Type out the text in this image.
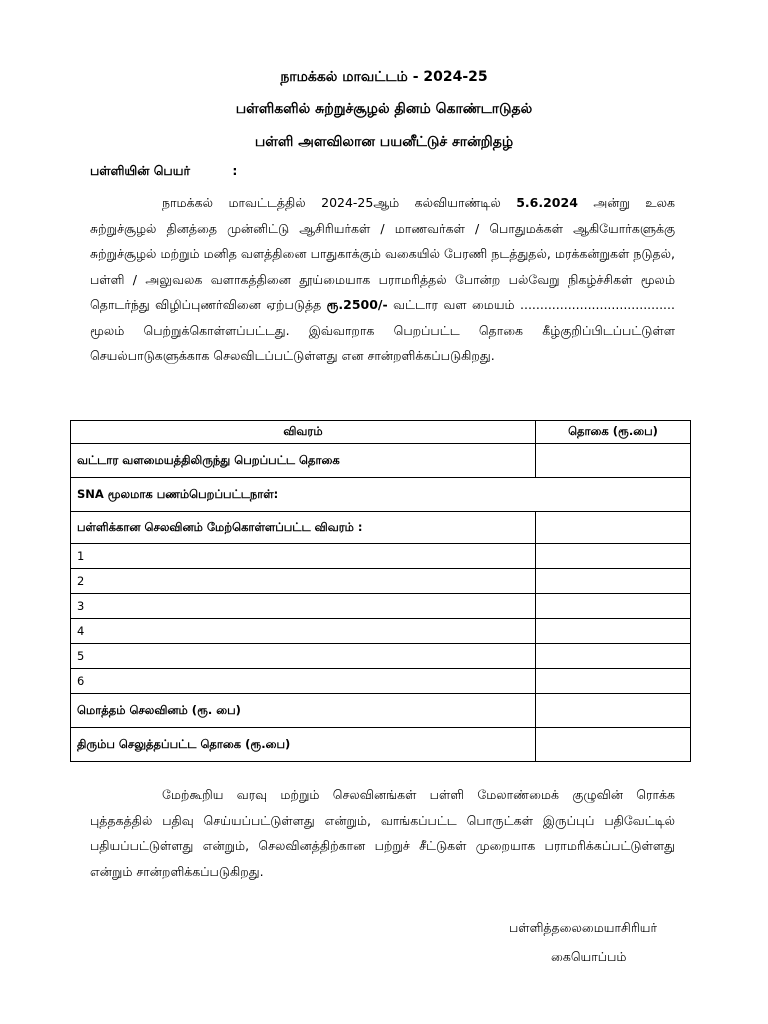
நாமக்கல் மாவட்டம் - 2024-25
பள்ளிகளில் சுற்றுச்சூழல் தினம் கொண்டாடுதல்
பள்ளி அளவிலான பயனீட்டுச் சான்றிதழ்
பள்ளியின் பெயர்	:
நாமக்கல் மாவட்டத்தில் 2024-25ஆம் கல்வியாண்டில் 5.6.2024 அன்று உலக சுற்றுச்சூழல் தினத்தை முன்னிட்டு ஆசிரியர்கள் / மாணவர்கள் / பொதுமக்கள் ஆகியோர்களுக்கு சுற்றுச்சூழல் மற்றும் மனித வளத்தினை பாதுகாக்கும் வகையில் பேரணி நடத்துதல், மரக்கன்றுகள் நடுதல், பள்ளி / அலுவலக வளாகத்தினை தூய்மையாக பராமரித்தல் போன்ற பல்வேறு நிகழ்ச்சிகள் மூலம் தொடர்ந்து விழிப்புணர்வினை ஏற்படுத்த ரூ.2500/- வட்டார வள மையம் ....................................... மூலம் பெற்றுக்கொள்ளப்பட்டது. இவ்வாறாக பெறப்பட்ட தொகை கீழ்குறிப்பிடப்பட்டுள்ள செயல்பாடுகளுக்காக செலவிடப்பட்டுள்ளது என சான்றளிக்கப்படுகிறது.
விவரம்	தொகை (ரூ.பை)
வட்டார வளமையத்திலிருந்து பெறப்பட்ட தொகை	
SNA மூலமாக பணம்பெறப்பட்டநாள்:	
பள்ளிக்கான செலவினம் மேற்கொள்ளப்பட்ட விவரம் :	
1	
2	
3	
4	
5	
6	
மொத்தம் செலவினம் (ரூ. பை)	
திரும்ப செலுத்தப்பட்ட தொகை (ரூ.பை)	
மேற்கூறிய வரவு மற்றும் செலவினங்கள் பள்ளி மேலாண்மைக் குழுவின் ரொக்க புத்தகத்தில் பதிவு செய்யப்பட்டுள்ளது என்றும், வாங்கப்பட்ட பொருட்கள் இருப்புப் பதிவேட்டில் பதியப்பட்டுள்ளது என்றும், செலவினத்திற்கான பற்றுச் சீட்டுகள் முறையாக பராமரிக்கப்பட்டுள்ளது என்றும் சான்றளிக்கப்படுகிறது.
பள்ளித்தலைமையாசிரியர்
கையொப்பம்
